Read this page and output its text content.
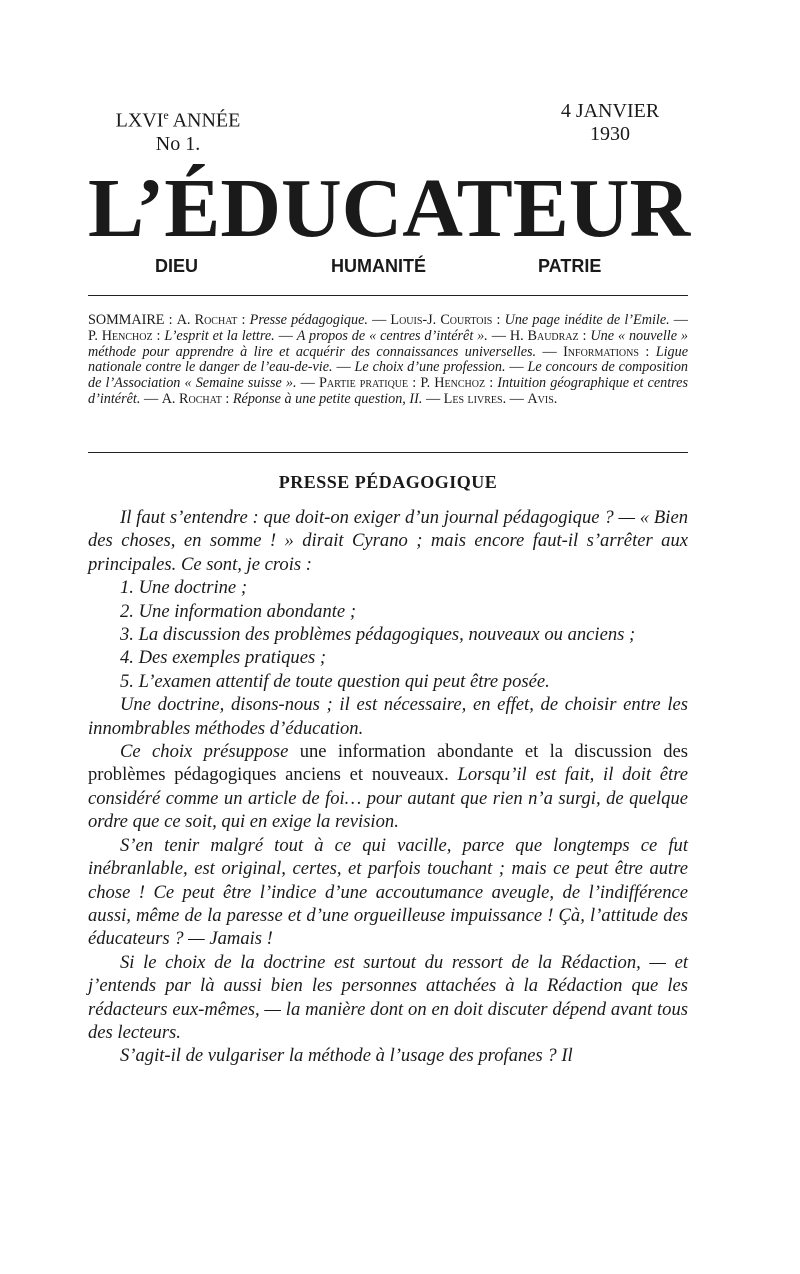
LXVIe ANNÉE
No 1.
4 JANVIER
1930
L’ÉDUCATEUR
DIEU	HUMANITÉ	PATRIE
SOMMAIRE : A. Rochat : Presse pédagogique. — Louis-J. Courtois : Une page inédite de l’Emile. — P. Henchoz : L’esprit et la lettre. — A propos de « centres d’intérêt ». — H. Baudraz : Une « nouvelle » méthode pour apprendre à lire et acquérir des connaissances universelles. — Informations : Ligue nationale contre le danger de l’eau-de-vie. — Le choix d’une profession. — Le concours de composition de l’Association « Semaine suisse ». — Partie pratique : P. Henchoz : Intuition géographique et centres d’intérêt. — A. Rochat : Réponse à une petite question, II. — Les livres. — Avis.
PRESSE PÉDAGOGIQUE

Il faut s’entendre : que doit-on exiger d’un journal pédagogique ? — « Bien des choses, en somme ! » dirait Cyrano ; mais encore faut-il s’arrêter aux principales. Ce sont, je crois :

1. Une doctrine ;

2. Une information abondante ;

3. La discussion des problèmes pédagogiques, nouveaux ou anciens ;

4. Des exemples pratiques ;

5. L’examen attentif de toute question qui peut être posée.

Une doctrine, disons-nous ; il est nécessaire, en effet, de choisir entre les innombrables méthodes d’éducation.

Ce choix présuppose une information abondante et la discussion des problèmes pédagogiques anciens et nouveaux. Lorsqu’il est fait, il doit être considéré comme un article de foi… pour autant que rien n’a surgi, de quelque ordre que ce soit, qui en exige la revision.

S’en tenir malgré tout à ce qui vacille, parce que longtemps ce fut inébranlable, est original, certes, et parfois touchant ; mais ce peut être autre chose ! Ce peut être l’indice d’une accoutumance aveugle, de l’indifférence aussi, même de la paresse et d’une orgueilleuse impuissance ! Çà, l’attitude des éducateurs ? — Jamais !

Si le choix de la doctrine est surtout du ressort de la Rédaction, — et j’entends par là aussi bien les personnes attachées à la Rédaction que les rédacteurs eux-mêmes, — la manière dont on en doit discuter dépend avant tous des lecteurs.

S’agit-il de vulgariser la méthode à l’usage des profanes ? Il
